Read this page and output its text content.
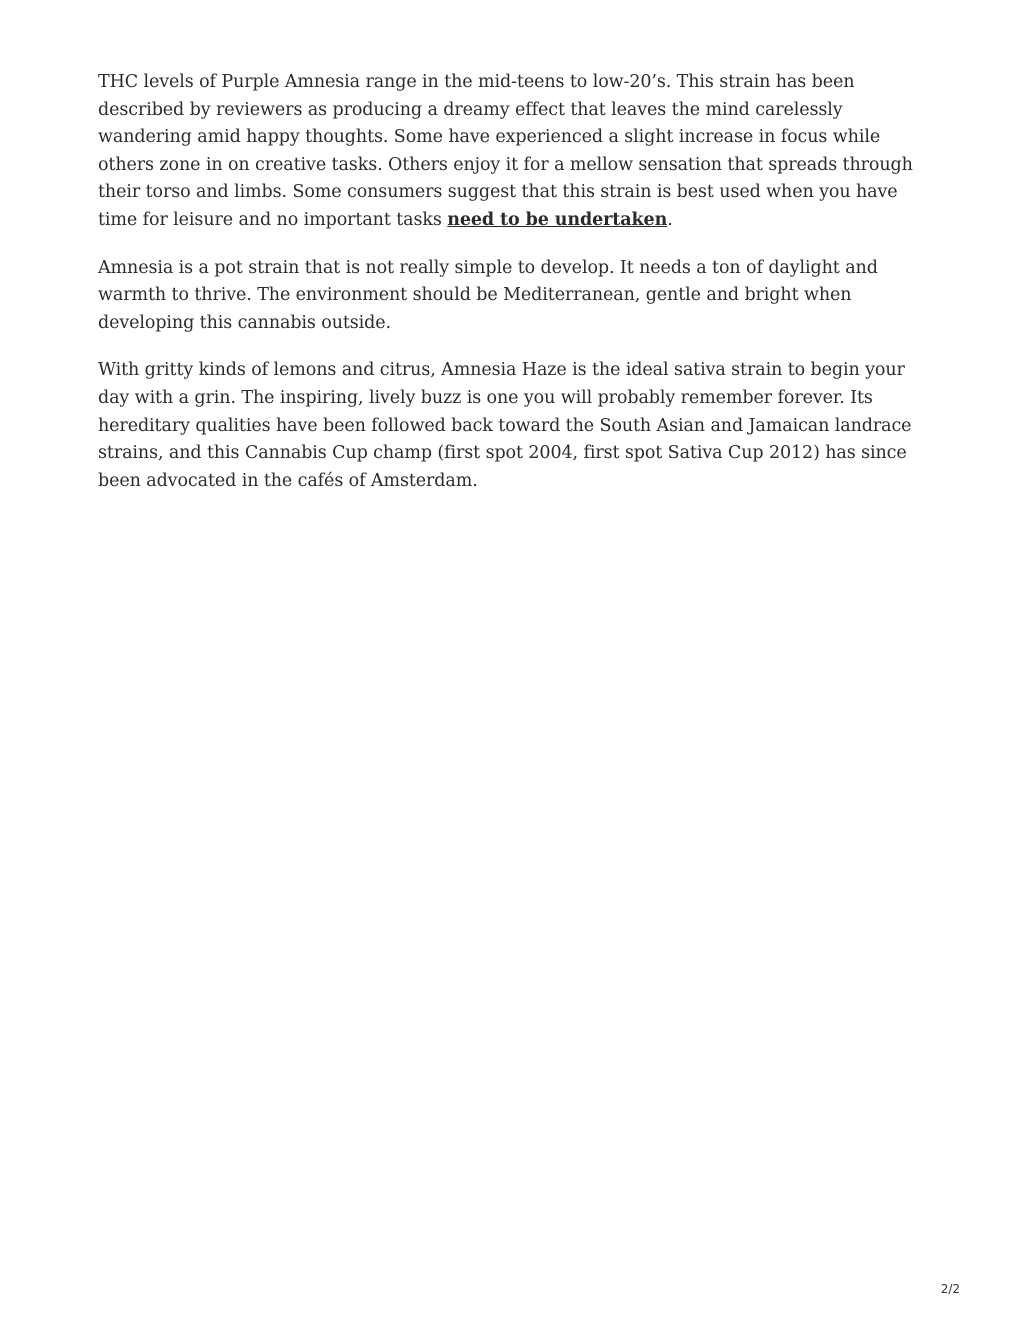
THC levels of Purple Amnesia range in the mid-teens to low-20’s. This strain has been described by reviewers as producing a dreamy effect that leaves the mind carelessly wandering amid happy thoughts. Some have experienced a slight increase in focus while others zone in on creative tasks. Others enjoy it for a mellow sensation that spreads through their torso and limbs. Some consumers suggest that this strain is best used when you have time for leisure and no important tasks need to be undertaken.

Amnesia is a pot strain that is not really simple to develop. It needs a ton of daylight and warmth to thrive. The environment should be Mediterranean, gentle and bright when developing this cannabis outside.

With gritty kinds of lemons and citrus, Amnesia Haze is the ideal sativa strain to begin your day with a grin. The inspiring, lively buzz is one you will probably remember forever. Its hereditary qualities have been followed back toward the South Asian and Jamaican landrace strains, and this Cannabis Cup champ (first spot 2004, first spot Sativa Cup 2012) has since been advocated in the cafés of Amsterdam.

2/2
